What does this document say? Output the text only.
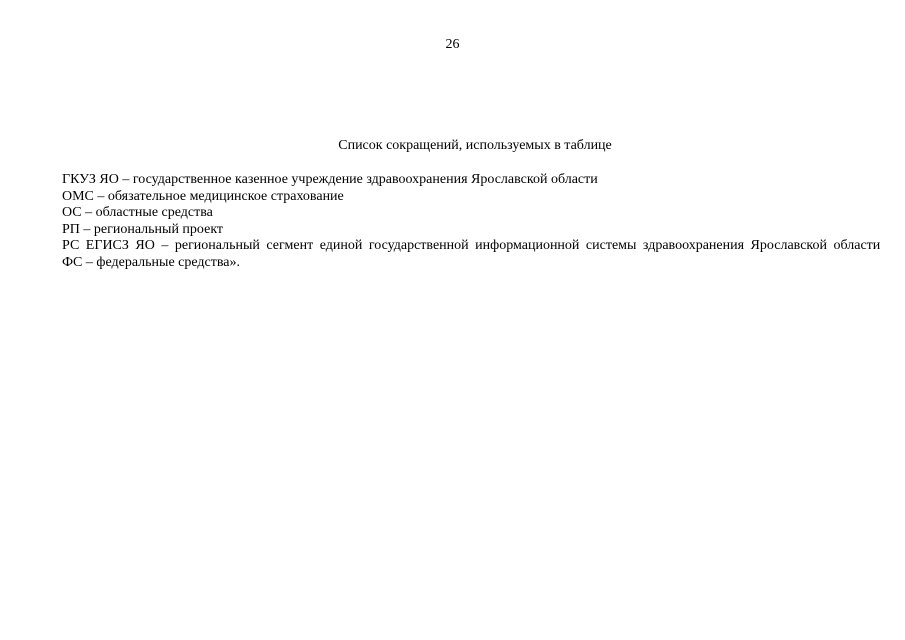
26
Список сокращений, используемых в таблице

ГКУЗ ЯО – государственное казенное учреждение здравоохранения Ярославской области

ОМС – обязательное медицинское страхование

ОС – областные средства

РП – региональный проект

РС ЕГИСЗ ЯО – региональный сегмент единой государственной информационной системы здравоохранения Ярославской области

ФС – федеральные средства».
